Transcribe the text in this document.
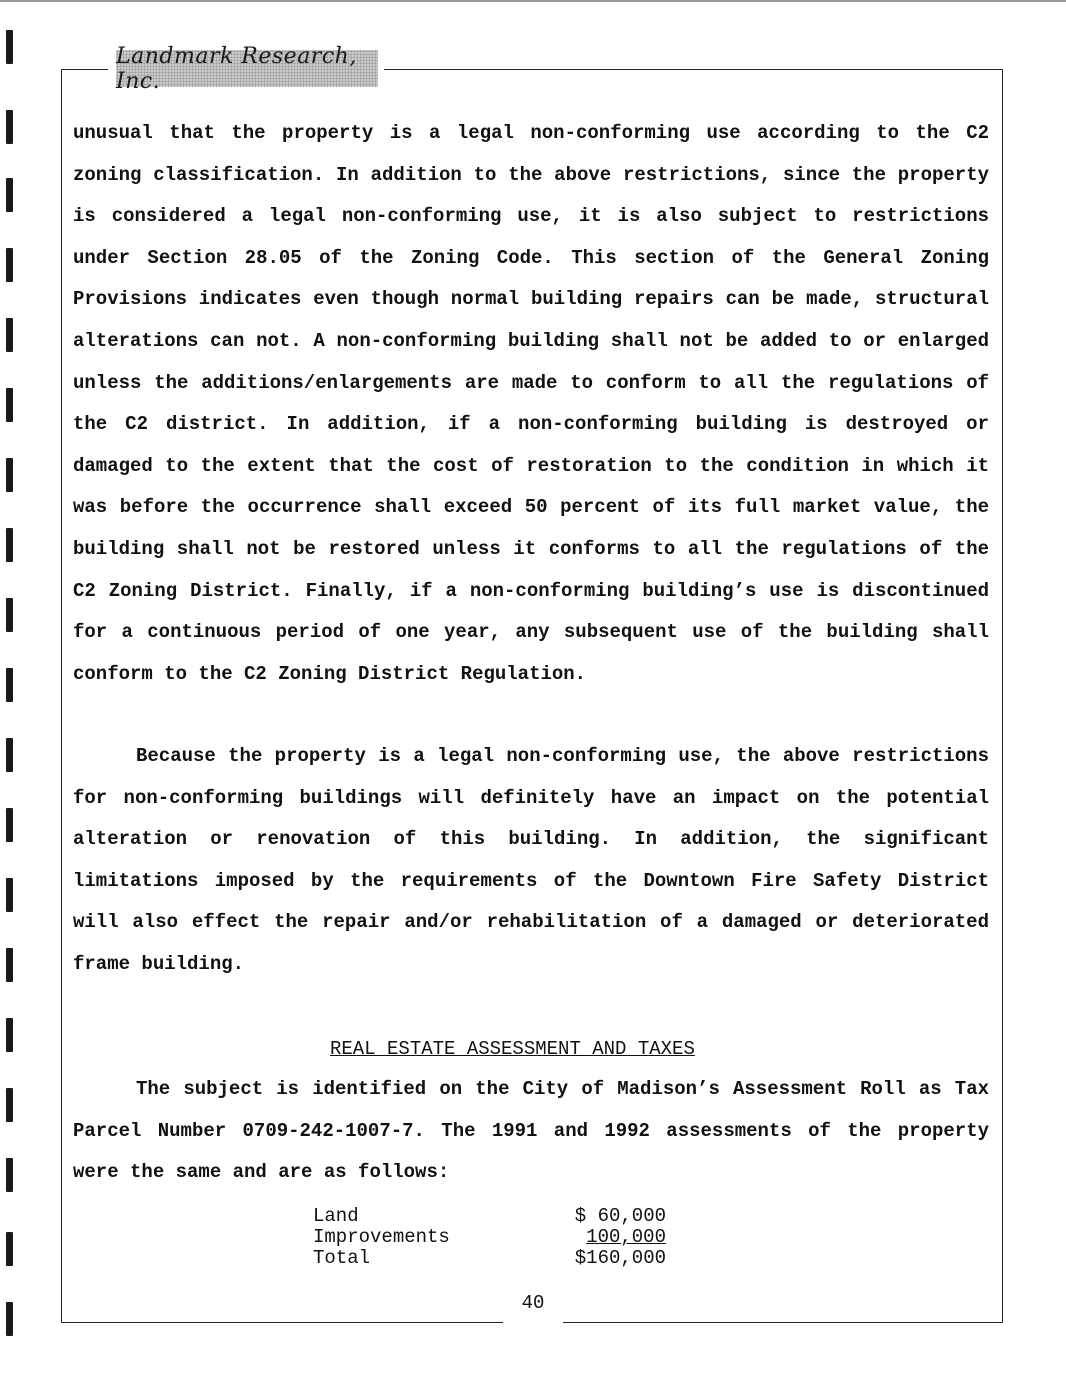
Landmark Research, Inc.

unusual that the property is a legal non-conforming use according to the C2 zoning classification. In addition to the above restrictions, since the property is considered a legal non-conforming use, it is also subject to restrictions under Section 28.05 of the Zoning Code. This section of the General Zoning Provisions indicates even though normal building repairs can be made, structural alterations can not. A non-conforming building shall not be added to or enlarged unless the additions/enlargements are made to conform to all the regulations of the C2 district. In addition, if a non-conforming building is destroyed or damaged to the extent that the cost of restoration to the condition in which it was before the occurrence shall exceed 50 percent of its full market value, the building shall not be restored unless it conforms to all the regulations of the C2 Zoning District. Finally, if a non-conforming building’s use is discontinued for a continuous period of one year, any subsequent use of the building shall conform to the C2 Zoning District Regulation.

Because the property is a legal non-conforming use, the above restrictions for non-conforming buildings will definitely have an impact on the potential alteration or renovation of this building. In addition, the significant limitations imposed by the requirements of the Downtown Fire Safety District will also effect the repair and/or rehabilitation of a damaged or deteriorated frame building.

REAL ESTATE ASSESSMENT AND TAXES

The subject is identified on the City of Madison’s Assessment Roll as Tax Parcel Number 0709-242-1007-7. The 1991 and 1992 assessments of the property were the same and are as follows:

Land	$ 60,000
Improvements	100,000
Total	$160,000
40
